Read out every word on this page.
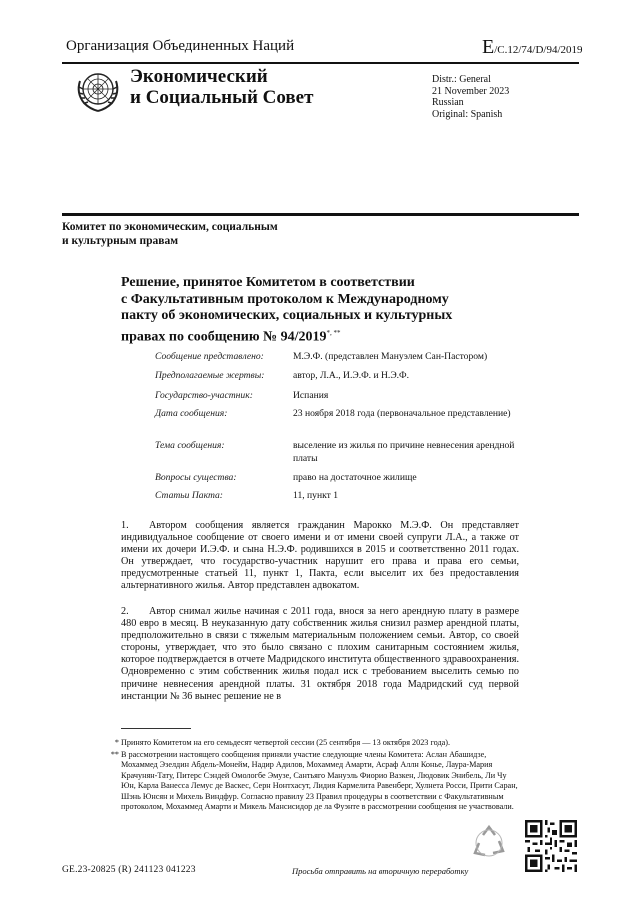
Организация Объединенных Наций	E/C.12/74/D/94/2019
Экономический
и Социальный Совет
Distr.: General
21 November 2023
Russian
Original: Spanish
Комитет по экономическим, социальным
и культурным правам
Решение, принятое Комитетом в соответствии
с Факультативным протоколом к Международному
пакту об экономических, социальных и культурных
правах по сообщению № 94/2019*, **
Сообщение представлено:	М.Э.Ф. (представлен Мануэлем Сан-Пастором)
Предполагаемые жертвы:	автор, Л.А., И.Э.Ф. и Н.Э.Ф.
Государство-участник:	Испания
Дата сообщения:	23 ноября 2018 года (первоначальное представление)
Тема сообщения:	выселение из жилья по причине невнесения арендной платы
Вопросы существа:	право на достаточное жилище
Статьи Пакта:	11, пункт 1
1. Автором сообщения является гражданин Марокко М.Э.Ф. Он представляет индивидуальное сообщение от своего имени и от имени своей супруги Л.А., а также от имени их дочери И.Э.Ф. и сына Н.Э.Ф. родившихся в 2015 и соответственно 2011 годах. Он утверждает, что государство-участник нарушит его права и права его семьи, предусмотренные статьей 11, пункт 1, Пакта, если выселит их без предоставления альтернативного жилья. Автор представлен адвокатом.
2. Автор снимал жилье начиная с 2011 года, внося за него арендную плату в размере 480 евро в месяц. В неуказанную дату собственник жилья снизил размер арендной платы, предположительно в связи с тяжелым материальным положением семьи. Автор, со своей стороны, утверждает, что это было связано с плохим санитарным состоянием жилья, которое подтверждается в отчете Мадридского института общественного здравоохранения. Одновременно с этим собственник жилья подал иск с требованием выселить семью по причине невнесения арендной платы. 31 октября 2018 года Мадридский суд первой инстанции № 36 вынес решение не в
* Принято Комитетом на его семьдесят четвертой сессии (25 сентября — 13 октября 2023 года).
** В рассмотрении настоящего сообщения приняли участие следующие члены Комитета: Аслан Абашидзе, Мохаммед Эзелдин Абдель-Монейм, Надир Адилов, Мохаммед Амарти, Асраф Аллн Конье, Лаура-Мария Крачунян-Тату, Питерс Сэндей Омологбе Эмузе, Сантьяго Мануэль Фиорио Вазкен, Людовик Энибель, Ли Чу Юн, Карла Ванесса Лемус де Васкес, Серн Нонтхасут, Лидия Кармелита Равенберг, Хулнета Росси, Прити Саран, Шэнь Юнсян и Михель Виндфур. Согласно правилу 23 Правил процедуры в соответствии с Факультативным протоколом, Мохаммед Амарти и Микель Мансисидор де ла Фуэнте в рассмотрении сообщения не участвовали.
GE.23-20825 (R) 241123 041223	Просьба отправить на вторичную переработку
